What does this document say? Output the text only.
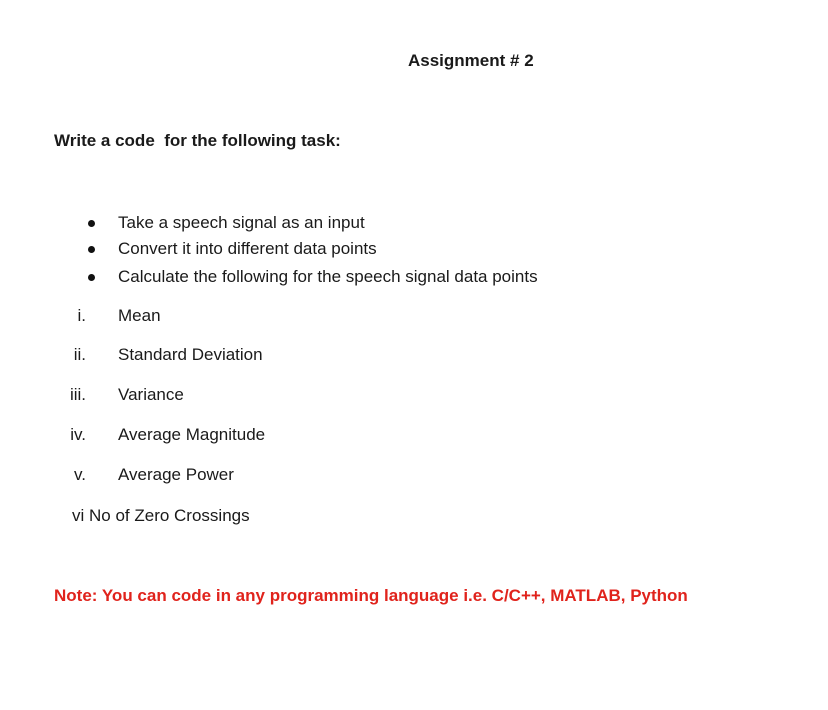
Assignment # 2
Write a code  for the following task:
Take a speech signal as an input
Convert it into different data points
Calculate the following for the speech signal data points
i. Mean
ii. Standard Deviation
iii. Variance
iv. Average Magnitude
v. Average Power
vi No of Zero Crossings
Note: You can code in any programming language i.e. C/C++, MATLAB, Python
